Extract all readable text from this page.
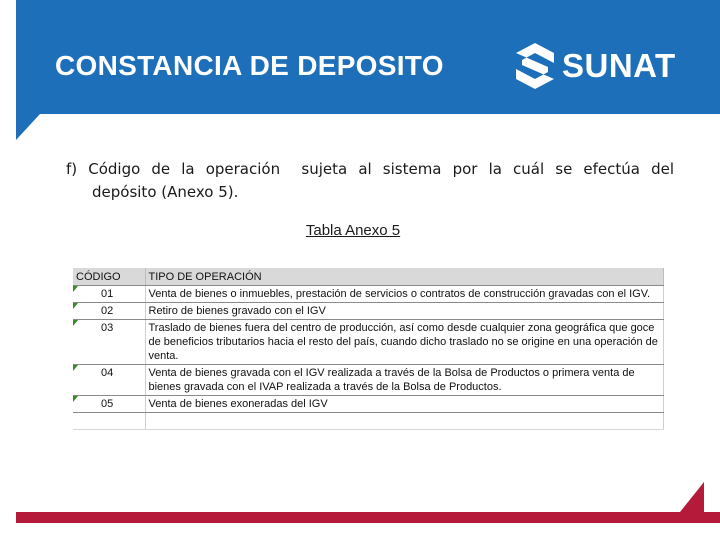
CONSTANCIA DE DEPOSITO	SUNAT
f) Código de la operación sujeta al sistema por la cuál se efectúa del
depósito (Anexo 5).
Tabla Anexo 5
CÓDIGO	TIPO DE OPERACIÓN

01	Venta de bienes o inmuebles, prestación de servicios o contratos de construcción gravadas con el IGV.

02	Retiro de bienes gravado con el IGV

03	Traslado de bienes fuera del centro de producción, así como desde cualquier zona geográfica que goce de beneficios tributarios hacia el resto del país, cuando dicho traslado no se origine en una operación de venta.

04	Venta de bienes gravada con el IGV realizada a través de la Bolsa de Productos o primera venta de bienes gravada con el IVAP realizada a través de la Bolsa de Productos.

05	Venta de bienes exoneradas del IGV
